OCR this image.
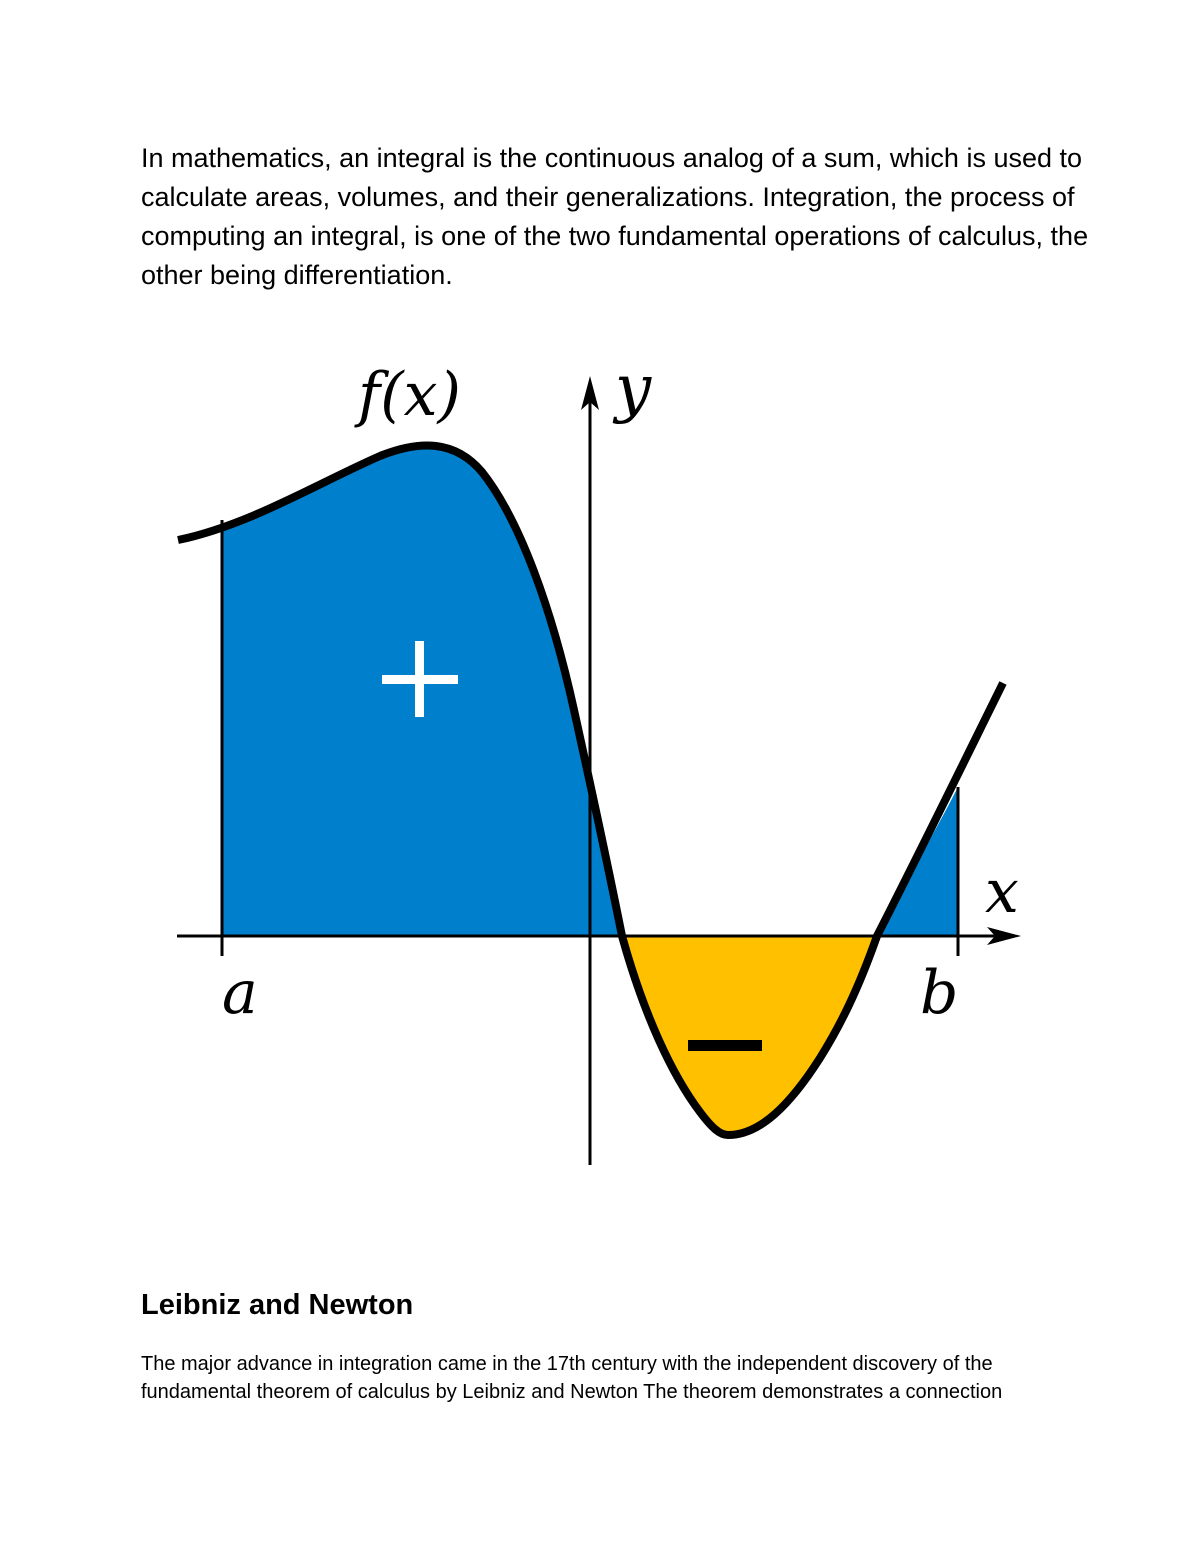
In mathematics, an integral is the continuous analog of a sum, which is used to calculate areas, volumes, and their generalizations. Integration, the process of computing an integral, is one of the two fundamental operations of calculus, the other being differentiation.

f(x) y
x
a	b
Leibniz and Newton

The major advance in integration came in the 17th century with the independent discovery of the fundamental theorem of calculus by Leibniz and Newton The theorem demonstrates a connection
